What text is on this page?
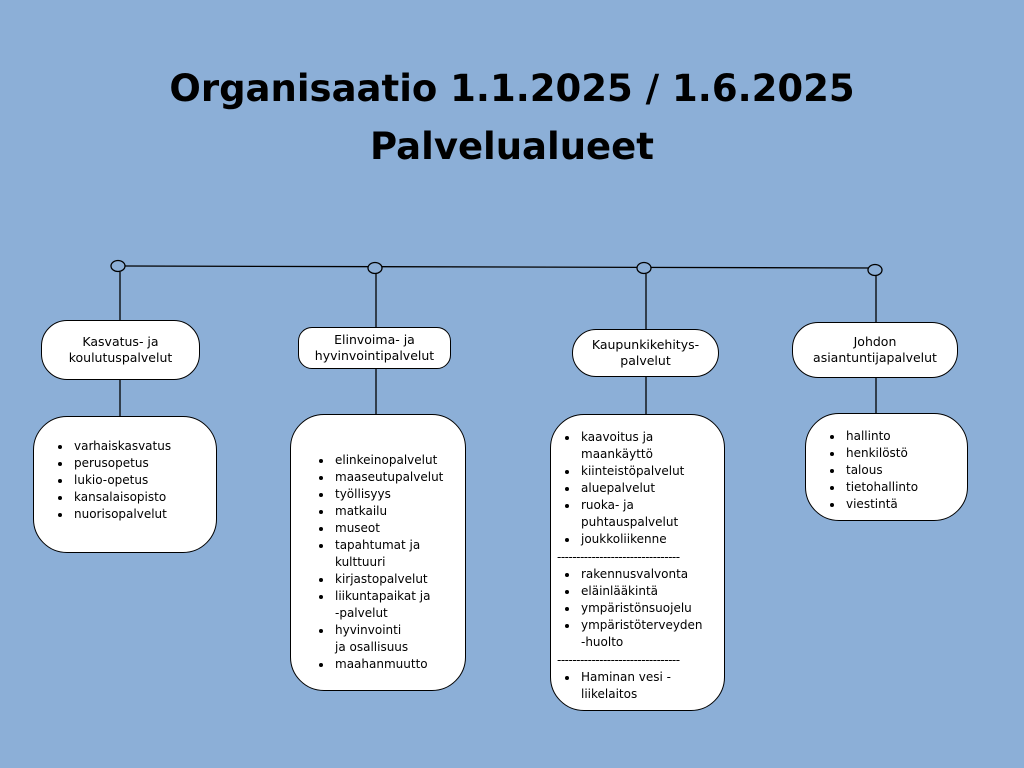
Organisaatio 1.1.2025 / 1.6.2025
Palvelualueet
Kasvatus- ja
koulutuspalvelut
• varhaiskasvatus
• perusopetus
• lukio-opetus
• kansalaisopisto
• nuorisopalvelut
Elinvoima- ja
hyvinvointipalvelut
• elinkeinopalvelut
• maaseutupalvelut
• työllisyys
• matkailu
• museot
• tapahtumat ja kulttuuri
• kirjastopalvelut
• liikuntapaikat ja -palvelut
• hyvinvointi ja osallisuus
• maahanmuutto
Kaupunkikehitys-
palvelut
• kaavoitus ja maankäyttö
• kiinteistöpalvelut
• aluepalvelut
• ruoka- ja puhtauspalvelut
• joukkoliikenne
--------------------------------
• rakennusvalvonta
• eläinlääkintä
• ympäristönsuojelu
• ympäristöterveyden-huolto
--------------------------------
• Haminan vesi -liikelaitos
Johdon
asiantuntijapalvelut
• hallinto
• henkilöstö
• talous
• tietohallinto
• viestintä
